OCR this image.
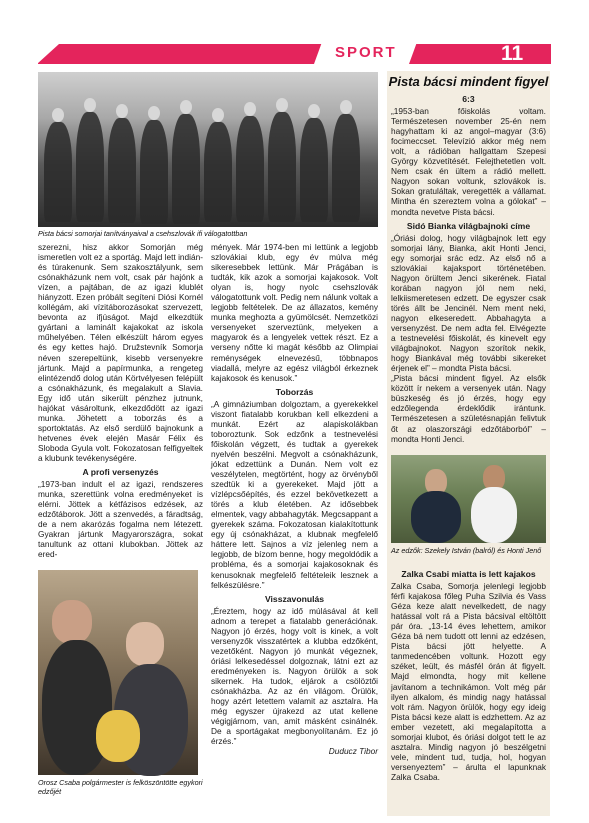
SPORT	11
Pista bácsi somorjai tanítványaival a csehszlovák ifi válogatottban

szerezni, hisz akkor Somorján még ismeretlen volt ez a sportág. Majd lett indián- és túrakenunk. Sem szakosztályunk, sem csónakházunk nem volt, csak pár hajónk a vízen, a pajtában, de az igazi klublét hiányzott. Ezen próbált segíteni Diósi Kornél kollégám, aki vízitáborozásokat szervezett, bevonta az ifjúságot. Majd elkezdtük gyártani a laminált kajakokat az iskola műhelyében. Télen elkészült három egyes és egy kettes hajó. Družstevník Somorja néven szerepeltünk, kisebb versenyekre jártunk. Majd a papírmunka, a rengeteg elintézendő dolog után Körtvélyesen felépült a csónakházunk, és megalakult a Slavia. Egy idő után sikerült pénzhez jutnunk, hajókat vásároltunk, elkezdődött az igazi munka. Jöhetett a toborzás és a sportoktatás. Az első serdülő bajnokunk a hetvenes évek elején Masár Félix és Sloboda Gyula volt. Fokozatosan felfigyeltek a klubunk tevékenységére.

A profi versenyzés

„1973-ban indult el az igazi, rendszeres munka, szerettünk volna eredményeket is elérni. Jöttek a kétfázisos edzések, az edzőtáborok. Jött a szenvedés, a fáradtság, de a nem akarózás fogalma nem létezett. Gyakran jártunk Magyarországra, sokat tanultunk az ottani klubokban. Jöttek az ered-

Orosz Csaba polgármester is felköszöntötte egykori edzőjét

mények. Már 1974-ben mi lettünk a legjobb szlovákiai klub, egy év múlva még sikeresebbek lettünk. Már Prágában is tudták, kik azok a somorjai kajakosok. Volt olyan is, hogy nyolc csehszlovák válogatottunk volt. Pedig nem nálunk voltak a legjobb feltételek. De az állazatos, kemény munka meghozta a gyümölcsét. Nemzetközi versenyeket szerveztünk, melyeken a magyarok és a lengyelek vettek részt. Ez a verseny nőtte ki magát később az Olimpiai reménységek elnevezésű, többnapos viadallá, melyre az egész világból érkeznek kajakosok és kenusok.”

Toborzás

„A gimnáziumban dolgoztam, a gyerekekkel viszont fiatalabb korukban kell elkezdeni a munkát. Ezért az alapiskolákban toboroztunk. Sok edzőnk a testnevelési főiskolán végzett, és tudtak a gyerekek nyelvén beszélni. Megvolt a csónakházunk, jókat edzettünk a Dunán. Nem volt ez veszélytelen, megtörtént, hogy az örvényből szedtük ki a gyerekeket. Majd jött a vízlépcsőépítés, és ezzel bekövetkezett a törés a klub életében. Az idősebbek elmentek, vagy abbahagyták. Megcsappant a gyerekek száma. Fokozatosan kialakítottunk egy új csónakházat, a klubnak megfelelő háttere lett. Sajnos a víz jelenleg nem a legjobb, de bízom benne, hogy megoldódik a probléma, és a somorjai kajakosoknak és kenusoknak megfelelő feltételeik lesznek a felkészülésre.”

Visszavonulás

„Éreztem, hogy az idő múlásával át kell adnom a terepet a fiatalabb generációnak. Nagyon jó érzés, hogy volt is kinek, a volt versenyzők visszatértek a klubba edzőként, vezetőként. Nagyon jó munkát végeznek, óriási lelkesedéssel dolgoznak, látni ezt az eredményeken is. Nagyon örülök a sok sikernek. Ha tudok, eljárok a csölöztői csónakházba. Az az én világom. Örülök, hogy azért letettem valamit az asztalra. Ha még egyszer újrakezd az utat kellene végigjárnom, van, amit másként csinálnék. De a sportágakat megbonyolítanám. Ez jó érzés.”

Duducz Tibor

Pista bácsi mindent figyel
6:3

„1953-ban főiskolás voltam. Természetesen november 25-én nem hagyhattam ki az angol–magyar (3:6) focimeccset. Televízió akkor még nem volt, a rádióban hallgattam Szepesi György közvetítését. Felejthetetlen volt. Nem csak én ültem a rádió mellett. Nagyon sokan voltunk, szlovákok is. Sokan gratuláltak, veregették a vállamat. Mintha én szereztem volna a gólokat” – mondta nevetve Pista bácsi.

Sidó Bianka világbajnoki címe

„Óriási dolog, hogy világbajnok lett egy somorjai lány, Bianka, akit Honti Jenci, egy somorjai srác edz. Az első nő a szlovákiai kajaksport történetében. Nagyon örültem Jenci sikerének. Fiatal korában nagyon jól nem neki, lelkiismeretesen edzett. De egyszer csak törés állt be Jencinél. Nem ment neki, nagyon elkeseredett. Abbahagyta a versenyzést. De nem adta fel. Elvégezte a testnevelési főiskolát, és kinevelt egy világbajnokot. Nagyon szorítok nekik, hogy Biankával még további sikereket érjenek el” – mondta Pista bácsi.

„Pista bácsi mindent figyel. Az elsők között ír nekem a versenyek után. Nagy büszkeség és jó érzés, hogy egy edzőlegenda érdeklődik irántunk. Természetesen a születésnapján felivtuk őt az olaszországi edzőtáborból” – mondta Honti Jenci.

Az edzők: Szekely István (balról) és Honti Jenő
Zalka Csabi miatta is lett kajakos

Zalka Csaba, Somorja jelenlegi legjobb férfi kajakosa főleg Puha Szilvia és Vass Géza keze alatt nevelkedett, de nagy hatással volt rá a Pista bácsival eltöltött pár óra. „13-14 éves lehettem, amikor Géza bá nem tudott ott lenni az edzésen, Pista bácsi jött helyette. A tanmedencében voltunk. Hozott egy széket, leült, és másfél órán át figyelt. Majd elmondta, hogy mit kellene javítanom a technikámon. Volt még pár ilyen alkalom, és mindig nagy hatással volt rám. Nagyon örülök, hogy egy ideig Pista bácsi keze alatt is edzhettem. Az az ember vezetett, aki megalapította a somorjai klubot, és óriási dolgot tett le az asztalra. Mindig nagyon jó beszélgetni vele, mindent tud, tudja, hol, hogyan versenyeztem” – árulta el lapunknak Zalka Csaba.
